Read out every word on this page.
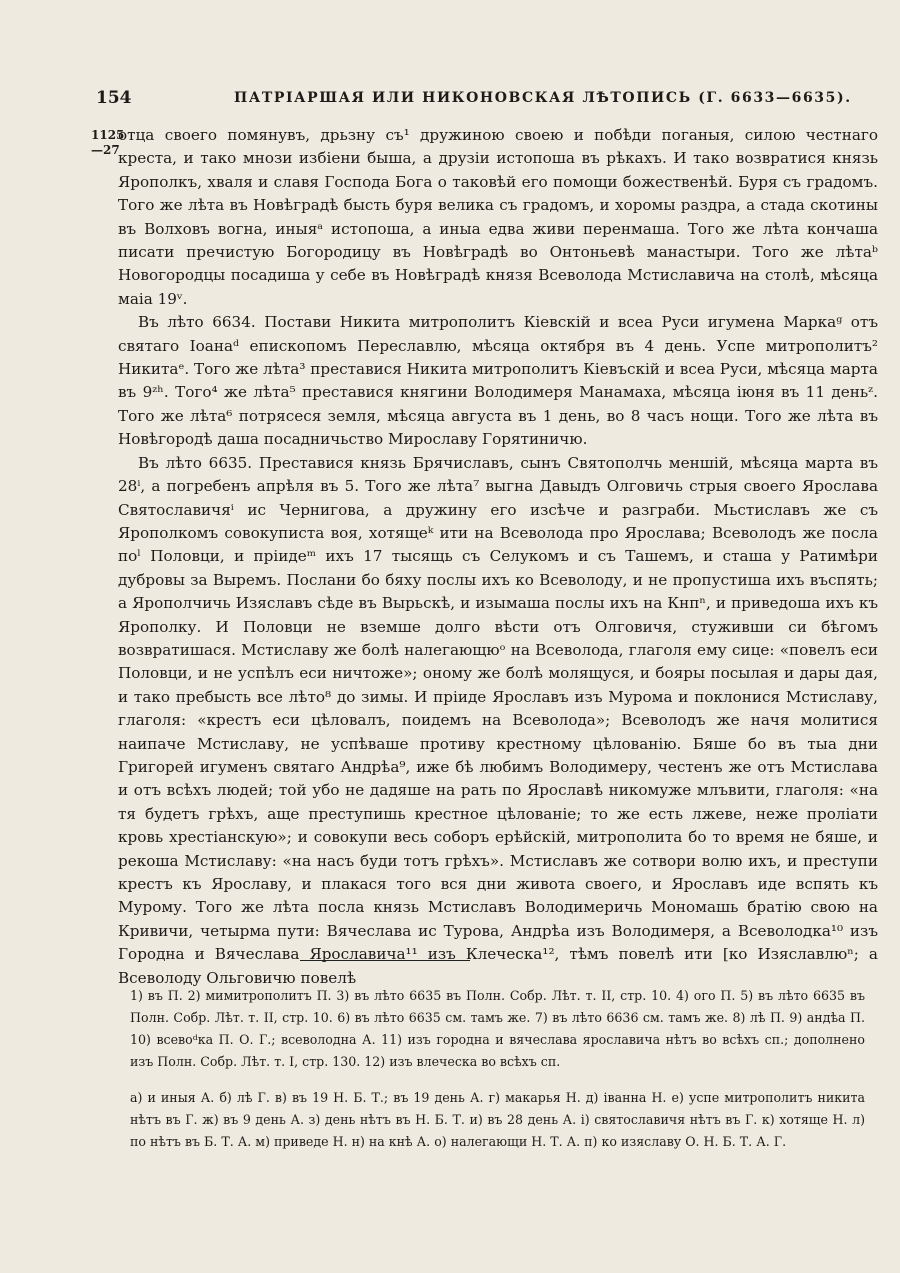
154	ПАТРІАРШАЯ ИЛИ НИКОНОВСКАЯ ЛѢТОПИСЬ (Г. 6633—6635).
1125
—27

отца своего помянувъ, дрьзну съ¹ дружиною своею и побѣди поганыя, силою честнаго креста, и тако мнози избіени быша, а друзіи истопоша въ рѣкахъ. И тако возвратися князь Ярополкъ, хваля и славя Господа Бога о таковѣй его помощи божественѣй. Буря съ градомъ. Того же лѣта въ Новѣградѣ бысть буря велика съ градомъ, и хоромы раздра, а стада скотины въ Волховъ вогна, иныяᵃ истопоша, а иныа едва живи перенмаша. Того же лѣта кончаша писати пречистую Богородицу въ Новѣградѣ во Онтоньевѣ манастыри. Того же лѣтаᵇ Новогородцы посадиша у себе въ Новѣградѣ князя Всеволода Мстиславича на столѣ, мѣсяца маіа 19ᵛ.

Въ лѣто 6634. Постави Никита митрополитъ Кіевскій и всеа Руси игумена Маркаᵍ отъ святаго Іоанаᵈ епископомъ Переславлю, мѣсяца октября въ 4 день. Успе митрополитъ² Никитаᵉ. Того же лѣта³ преставися Никита митрополитъ Кіевъскій и всеа Руси, мѣсяца марта въ 9ᶻʰ. Того⁴ же лѣта⁵ преставися княгини Володимеря Манамаха, мѣсяца іюня въ 11 деньᶻ. Того же лѣта⁶ потрясеся земля, мѣсяца августа въ 1 день, во 8 часъ нощи. Того же лѣта въ Новѣгородѣ даша посадничьство Мирославу Горятиничю.

Въ лѣто 6635. Преставися князь Брячиславъ, сынъ Святополчь меншій, мѣсяца марта въ 28ⁱ, а погребенъ апрѣля въ 5. Того же лѣта⁷ выгна Давыдъ Олговичь стрыя своего Ярослава Святославичяⁱ ис Чернигова, а дружину его изсѣче и разграби. Мьстиславъ же съ Ярополкомъ совокуписта воя, хотящеᵏ ити на Всеволода про Ярослава; Всеволодъ же посла поˡ Половци, и пріидеᵐ ихъ 17 тысящь съ Селукомъ и съ Ташемъ, и сташа у Ратимѣри дубровы за Выремъ. Послани бо бяху послы ихъ ко Всеволоду, и не пропустиша ихъ въспять; а Ярополчичь Изяславъ сѣде въ Вырьскѣ, и изымаша послы ихъ на Кнпⁿ, и приведоша ихъ къ Ярополку. И Половци не вземше долго вѣсти отъ Олговичя, стуживши си бѣгомъ возвратишася. Мстиславу же болѣ налегающюᵒ на Всеволода, глаголя ему сице: «повелъ еси Половци, и не успѣлъ еси ничтоже»; оному же болѣ молящуся, и бояры посылая и дары дая, и тако пребысть все лѣто⁸ до зимы. И пріиде Ярославъ изъ Мурома и поклонися Мстиславу, глаголя: «крестъ еси цѣловалъ, поидемъ на Всеволода»; Всеволодъ же начя молитися наипаче Мстиславу, не успѣваше противу крестному цѣлованію. Бяше бо въ тыа дни Григорей игуменъ святаго Андрѣа⁹, иже бѣ любимъ Володимеру, честенъ же отъ Мстислава и отъ всѣхъ людей; той убо не дадяше на рать по Ярославѣ никомуже млъвити, глаголя: «на тя будетъ грѣхъ, аще преступишь крестное цѣлованіе; то же есть лжеве, неже проліати кровь хрестіанскую»; и совокупи весь соборъ ерѣйскій, митрополита бо то время не бяше, и рекоша Мстиславу: «на насъ буди тотъ грѣхъ». Мстиславъ же сотвори волю ихъ, и преступи крестъ къ Ярославу, и плакася того вся дни живота своего, и Ярославъ иде вспять къ Мурому. Того же лѣта посла князь Мстиславъ Володимеричь Мономашь братію свою на Кривичи, четырма пути: Вячеслава ис Турова, Андрѣа изъ Володимеря, а Всеволодка¹⁰ изъ Городна и Вячеслава Ярославича¹¹ изъ Клеческа¹², тѣмъ повелѣ ити [ко Изяславлюⁿ; а Всеволоду Ольговичю повелѣ

1) въ П. 2) мимитрополитъ П. 3) въ лѣто 6635 въ Полн. Собр. Лѣт. т. II, стр. 10. 4) ого П. 5) въ лѣто 6635 въ Полн. Собр. Лѣт. т. II, стр. 10. 6) въ лѣто 6635 см. тамъ же. 7) въ лѣто 6636 см. тамъ же. 8) лѣ П. 9) андѣа П. 10) всевоᵈка П. О. Г.; всеволодна А. 11) изъ городна и вячеслава ярославича нѣтъ во всѣхъ сп.; дополнено изъ Полн. Собр. Лѣт. т. I, стр. 130. 12) изъ влеческа во всѣхъ сп.

а) и иныя А. б) лѣ Г. в) въ 19 Н. Б. Т.; въ 19 день А. г) макарья Н. д) іванна Н. е) успе митрополитъ никита нѣтъ въ Г. ж) въ 9 день А. з) день нѣтъ въ Н. Б. Т. и) въ 28 день А. і) святославичя нѣтъ въ Г. к) хотяще Н. л) по нѣтъ въ Б. Т. А. м) приведе Н. н) на кнѣ А. о) налегающи Н. Т. А. п) ко изяславу О. Н. Б. Т. А. Г.
